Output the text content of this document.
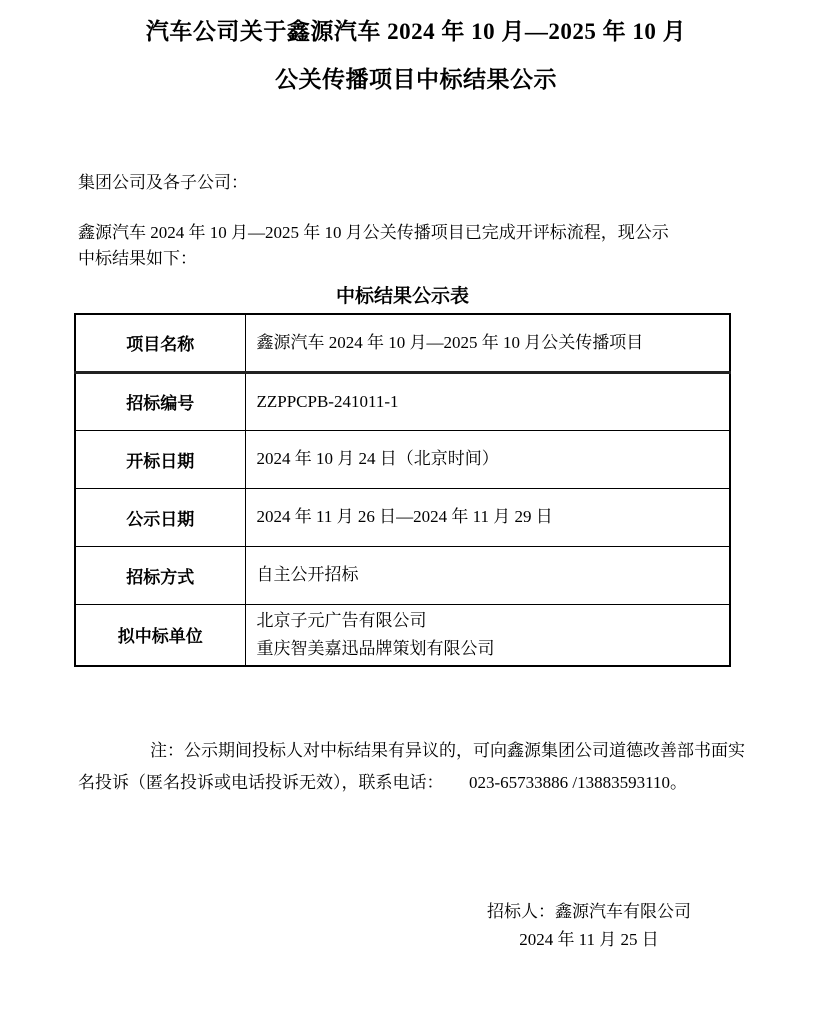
汽车公司关于鑫源汽车 2024 年 10 月—2025 年 10 月
公关传播项目中标结果公示
集团公司及各子公司：
鑫源汽车 2024 年 10 月—2025 年 10 月公关传播项目已完成开评标流程，现公示
中标结果如下：
中标结果公示表
项目名称	鑫源汽车 2024 年 10 月—2025 年 10 月公关传播项目

招标编号	ZZPPCPB-241011-1

开标日期	2024 年 10 月 24 日（北京时间）

公示日期	2024 年 11 月 26 日—2024 年 11 月 29 日

招标方式	自主公开招标

拟中标单位	北京子元广告有限公司
重庆智美嘉迅品牌策划有限公司
注：公示期间投标人对中标结果有异议的，可向鑫源集团公司道德改善部书面实
名投诉（匿名投诉或电话投诉无效），联系电话：      023-65733886 /13883593110。
招标人：鑫源汽车有限公司
2024 年 11 月 25 日
